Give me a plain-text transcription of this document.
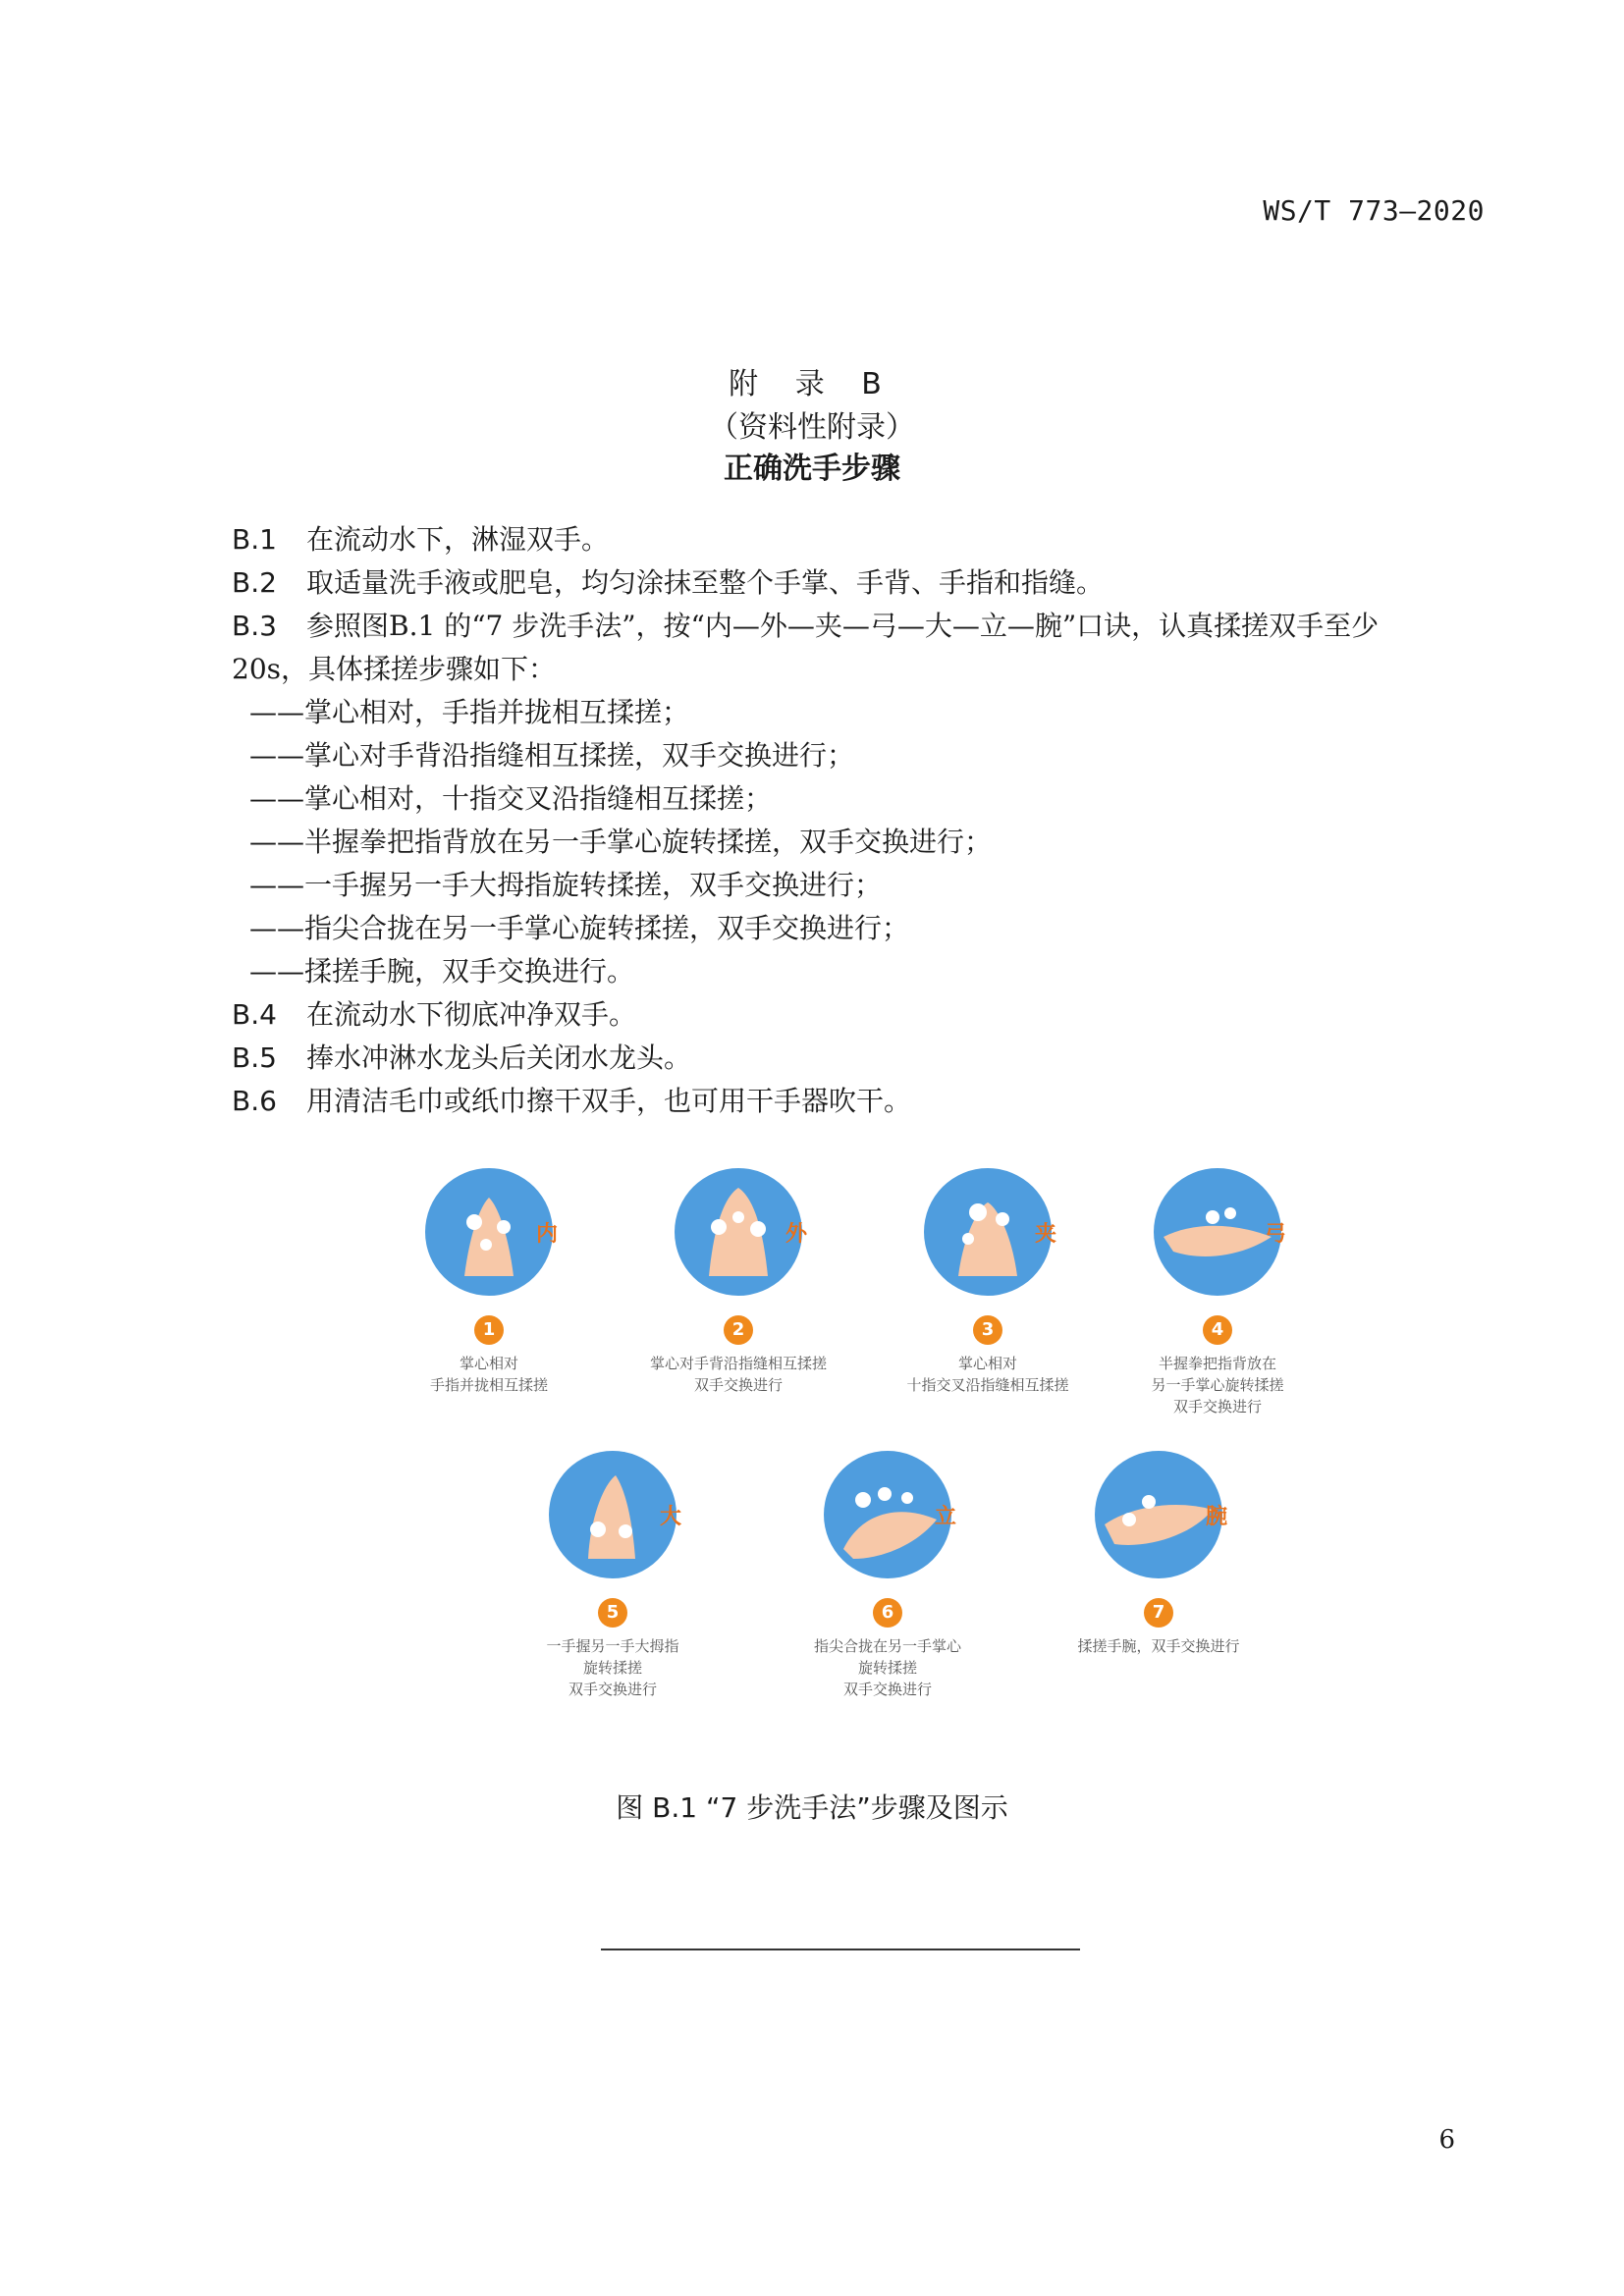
WS/T 773—2020
附 录 B
（资料性附录）
正确洗手步骤
B.1	在流动水下，淋湿双手。
B.2	取适量洗手液或肥皂，均匀涂抹至整个手掌、手背、手指和指缝。
B.3	参照图B.1 的“7 步洗手法”，按“内—外—夹—弓—大—立—腕”口诀，认真揉搓双手至少
20s，具体揉搓步骤如下：
——掌心相对，手指并拢相互揉搓；
——掌心对手背沿指缝相互揉搓，双手交换进行；
——掌心相对，十指交叉沿指缝相互揉搓；
——半握拳把指背放在另一手掌心旋转揉搓，双手交换进行；
——一手握另一手大拇指旋转揉搓，双手交换进行；
——指尖合拢在另一手掌心旋转揉搓，双手交换进行；
——揉搓手腕，双手交换进行。
B.4	在流动水下彻底冲净双手。
B.5	捧水冲淋水龙头后关闭水龙头。
B.6	用清洁毛巾或纸巾擦干双手，也可用干手器吹干。
内
1
掌心相对
手指并拢相互揉搓
外
2
掌心对手背沿指缝相互揉搓
双手交换进行
夹
3
掌心相对
十指交叉沿指缝相互揉搓
弓
4
半握拳把指背放在
另一手掌心旋转揉搓
双手交换进行
大
5
一手握另一手大拇指
旋转揉搓
双手交换进行
立
6
指尖合拢在另一手掌心
旋转揉搓
双手交换进行
腕
7
揉搓手腕，双手交换进行
图 B.1 “7 步洗手法”步骤及图示
6
